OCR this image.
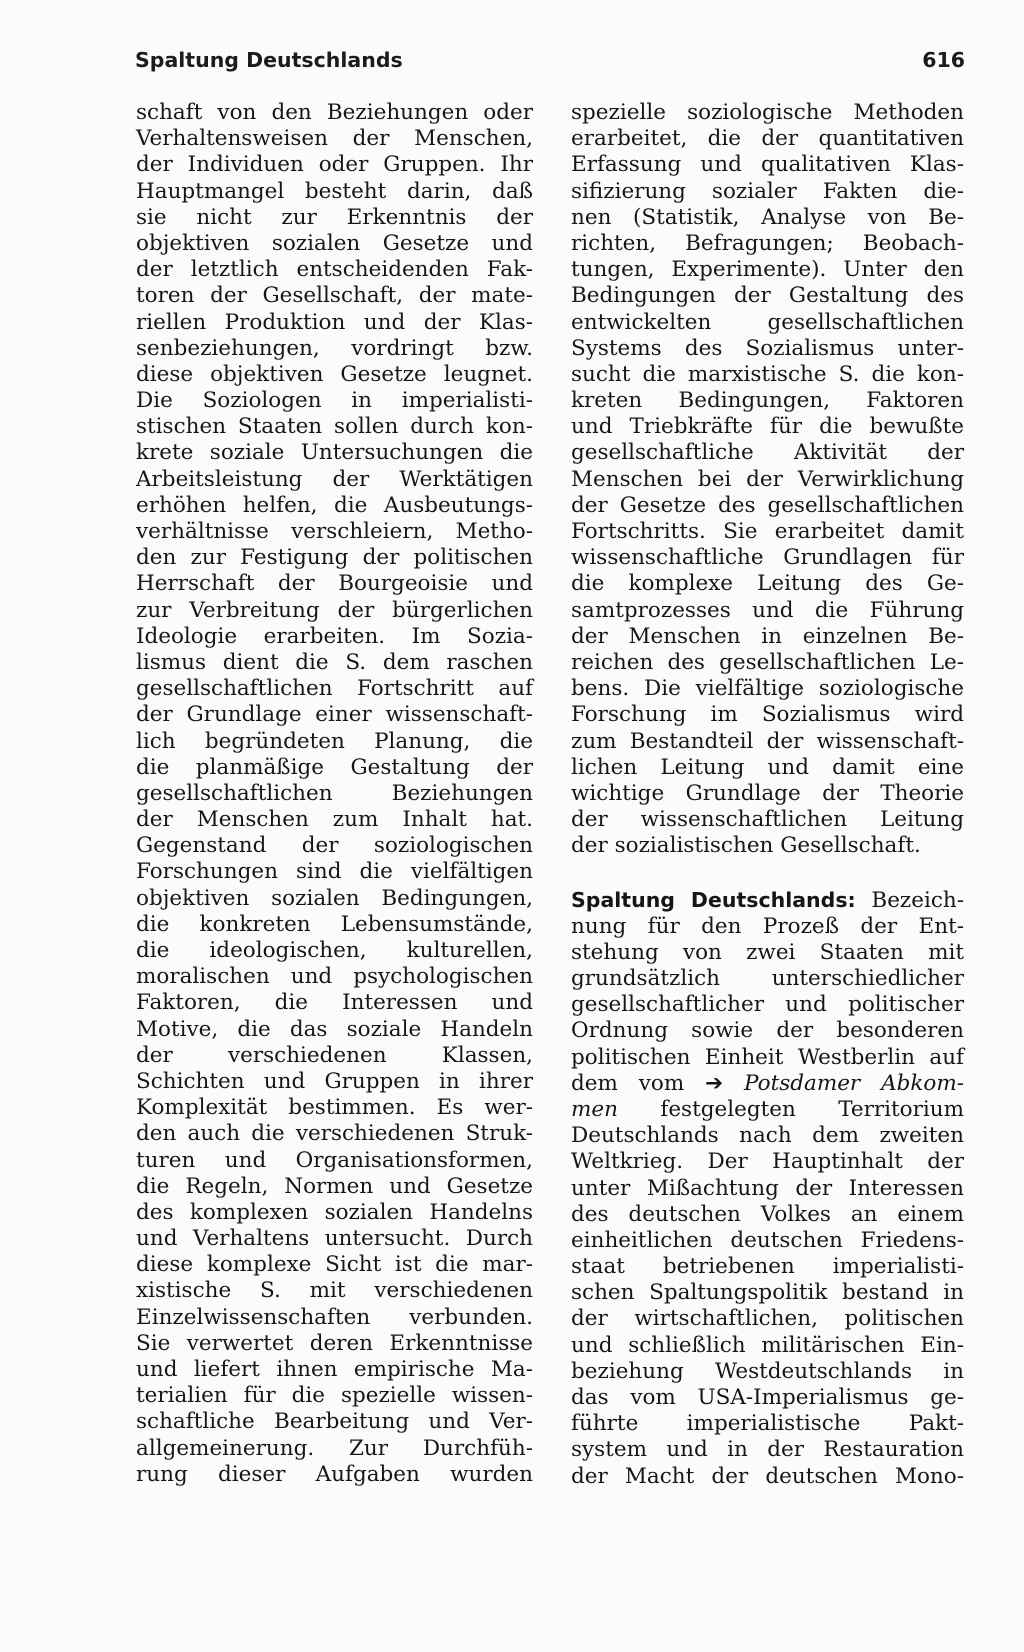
Spaltung Deutschlands	616
schaft von den Beziehungen oder
Verhaltensweisen der Menschen,
der Individuen oder Gruppen. Ihr
Hauptmangel besteht darin, daß
sie nicht zur Erkenntnis der
objektiven sozialen Gesetze und
der letztlich entscheidenden Fak-
toren der Gesellschaft, der mate-
riellen Produktion und der Klas-
senbeziehungen, vordringt bzw.
diese objektiven Gesetze leugnet.
Die Soziologen in imperialisti-
stischen Staaten sollen durch kon-
krete soziale Untersuchungen die
Arbeitsleistung der Werktätigen
erhöhen helfen, die Ausbeutungs-
verhältnisse verschleiern, Metho-
den zur Festigung der politischen
Herrschaft der Bourgeoisie und
zur Verbreitung der bürgerlichen
Ideologie erarbeiten. Im Sozia-
lismus dient die S. dem raschen
gesellschaftlichen Fortschritt auf
der Grundlage einer wissenschaft-
lich begründeten Planung, die
die planmäßige Gestaltung der
gesellschaftlichen Beziehungen
der Menschen zum Inhalt hat.
Gegenstand der soziologischen
Forschungen sind die vielfältigen
objektiven sozialen Bedingungen,
die konkreten Lebensumstände,
die ideologischen, kulturellen,
moralischen und psychologischen
Faktoren, die Interessen und
Motive, die das soziale Handeln
der verschiedenen Klassen,
Schichten und Gruppen in ihrer
Komplexität bestimmen. Es wer-
den auch die verschiedenen Struk-
turen und Organisationsformen,
die Regeln, Normen und Gesetze
des komplexen sozialen Handelns
und Verhaltens untersucht. Durch
diese komplexe Sicht ist die mar-
xistische S. mit verschiedenen
Einzelwissenschaften verbunden.
Sie verwertet deren Erkenntnisse
und liefert ihnen empirische Ma-
terialien für die spezielle wissen-
schaftliche Bearbeitung und Ver-
allgemeinerung. Zur Durchfüh-
rung dieser Aufgaben wurden
spezielle soziologische Methoden
erarbeitet, die der quantitativen
Erfassung und qualitativen Klas-
sifizierung sozialer Fakten die-
nen (Statistik, Analyse von Be-
richten, Befragungen; Beobach-
tungen, Experimente). Unter den
Bedingungen der Gestaltung des
entwickelten gesellschaftlichen
Systems des Sozialismus unter-
sucht die marxistische S. die kon-
kreten Bedingungen, Faktoren
und Triebkräfte für die bewußte
gesellschaftliche Aktivität der
Menschen bei der Verwirklichung
der Gesetze des gesellschaftlichen
Fortschritts. Sie erarbeitet damit
wissenschaftliche Grundlagen für
die komplexe Leitung des Ge-
samtprozesses und die Führung
der Menschen in einzelnen Be-
reichen des gesellschaftlichen Le-
bens. Die vielfältige soziologische
Forschung im Sozialismus wird
zum Bestandteil der wissenschaft-
lichen Leitung und damit eine
wichtige Grundlage der Theorie
der wissenschaftlichen Leitung
der sozialistischen Gesellschaft.
Spaltung Deutschlands: Bezeich-
nung für den Prozeß der Ent-
stehung von zwei Staaten mit
grundsätzlich unterschiedlicher
gesellschaftlicher und politischer
Ordnung sowie der besonderen
politischen Einheit Westberlin auf
dem vom ➔ Potsdamer Abkom-
men festgelegten Territorium
Deutschlands nach dem zweiten
Weltkrieg. Der Hauptinhalt der
unter Mißachtung der Interessen
des deutschen Volkes an einem
einheitlichen deutschen Friedens-
staat betriebenen imperialisti-
schen Spaltungspolitik bestand in
der wirtschaftlichen, politischen
und schließlich militärischen Ein-
beziehung Westdeutschlands in
das vom USA-Imperialismus ge-
führte imperialistische Pakt-
system und in der Restauration
der Macht der deutschen Mono-
